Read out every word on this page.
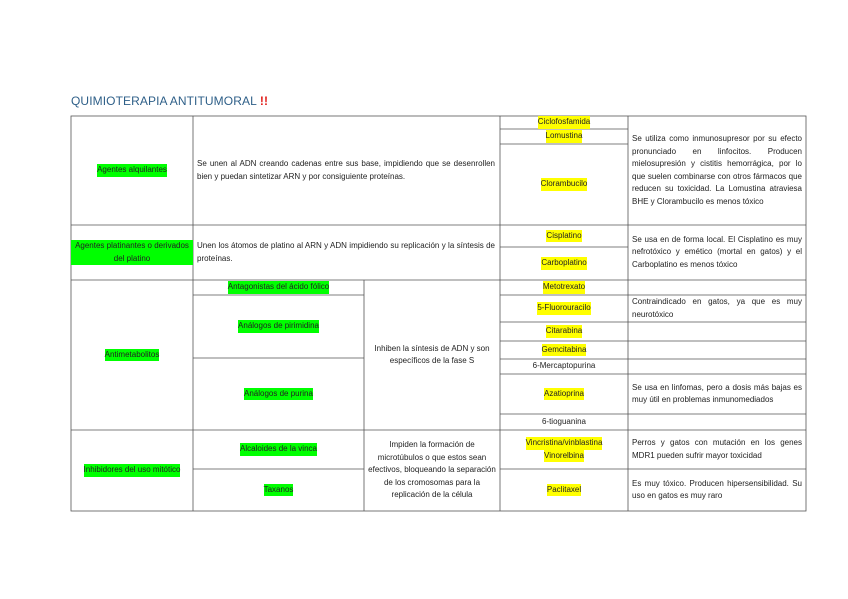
QUIMIOTERAPIA ANTITUMORAL !!
Agentes alquilantes
Se unen al ADN creando cadenas entre sus base, impidiendo que se desenrollen bien y puedan sintetizar ARN y por consiguiente proteínas.
Ciclofosfamida
Lomustina
Clorambucilo
Se utiliza como inmunosupresor por su efecto pronunciado en linfocitos. Producen mielosupresión y cistitis hemorrágica, por lo que suelen combinarse con otros fármacos que reducen su toxicidad. La Lomustina atraviesa BHE y Clorambucilo es menos tóxico
Agentes platinantes o derivados del platino
Unen los átomos de platino al ARN y ADN impidiendo su replicación y la síntesis de proteínas.
Cisplatino
Carboplatino
Se usa en de forma local. El Cisplatino es muy nefrotóxico y emético (mortal en gatos) y el Carboplatino es menos tóxico
Antimetabolitos
Antagonistas del ácido fólico
Análogos de pirimidina
Análogos de purina
Inhiben la síntesis de ADN y son específicos de la fase S
Metotrexato
5-Fluorouracilo
Citarabina
Gemcitabina
6-Mercaptopurina
Azatioprina
6-tioguanina
Contraindicado en gatos, ya que es muy neurotóxico
Se usa en linfomas, pero a dosis más bajas es muy útil en problemas inmunomediados
Inhibidores del uso mitótico
Alcaloides de la vinca
Taxanos
Impiden la formación de microtúbulos o que estos sean efectivos, bloqueando la separación de los cromosomas para la replicación de la célula
Vincristina/vinblastina
Vinorelbina
Paclitaxel
Perros y gatos con mutación en los genes MDR1 pueden sufrir mayor toxicidad
Es muy tóxico. Producen hipersensibilidad. Su uso en gatos es muy raro
